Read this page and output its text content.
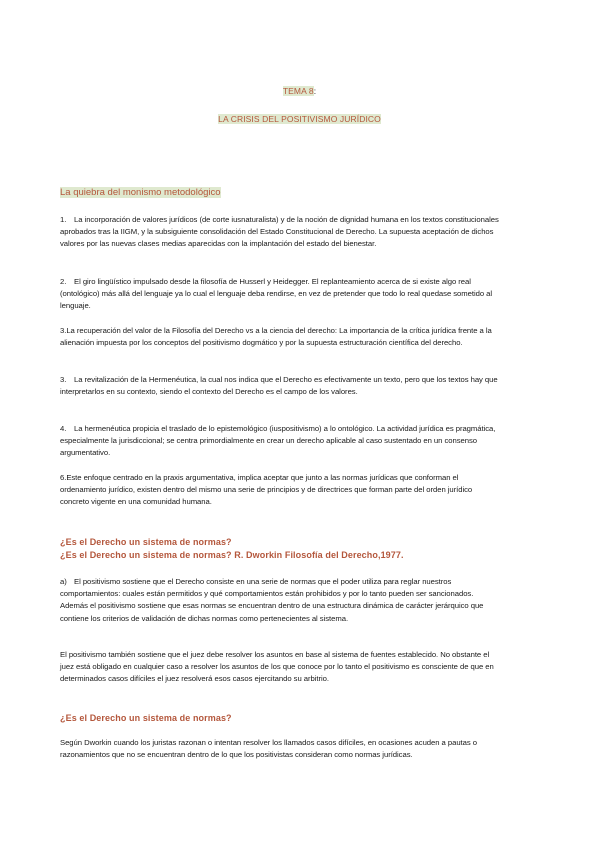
TEMA 8:
LA CRISIS DEL POSITIVISMO JURÍDICO
La quiebra del monismo metodológico
1. La incorporación de valores jurídicos (de corte iusnaturalista) y de la noción de dignidad humana en los textos constitucionales aprobados tras la IIGM, y la subsiguiente consolidación del Estado Constitucional de Derecho. La supuesta aceptación de dichos valores por las nuevas clases medias aparecidas con la implantación del estado del bienestar.
2. El giro lingüístico impulsado desde la filosofía de Husserl y Heidegger. El replanteamiento acerca de si existe algo real (ontológico) más allá del lenguaje ya lo cual el lenguaje deba rendirse, en vez de pretender que todo lo real quedase sometido al lenguaje.
3.La recuperación del valor de la Filosofía del Derecho vs a la ciencia del derecho: La importancia de la crítica jurídica frente a la alienación impuesta por los conceptos del positivismo dogmático y por la supuesta estructuración científica del derecho.
3. La revitalización de la Hermenéutica, la cual nos indica que el Derecho es efectivamente un texto, pero que los textos hay que interpretarlos en su contexto, siendo el contexto del Derecho es el campo de los valores.
4. La hermenéutica propicia el traslado de lo epistemológico (iuspositivismo) a lo ontológico. La actividad jurídica es pragmática, especialmente la jurisdiccional; se centra primordialmente en crear un derecho aplicable al caso sustentado en un consenso argumentativo.
6.Este enfoque centrado en la praxis argumentativa, implica aceptar que junto a las normas jurídicas que conforman el ordenamiento jurídico, existen dentro del mismo una serie de principios y de directrices que forman parte del orden jurídico concreto vigente en una comunidad humana.
¿Es el Derecho un sistema de normas?
¿Es el Derecho un sistema de normas? R. Dworkin Filosofía del Derecho,1977.
a) El positivismo sostiene que el Derecho consiste en una serie de normas que el poder utiliza para reglar nuestros comportamientos: cuales están permitidos y qué comportamientos están prohibidos y por lo tanto pueden ser sancionados. Además el positivismo sostiene que esas normas se encuentran dentro de una estructura dinámica de carácter jerárquico que contiene los criterios de validación de dichas normas como pertenecientes al sistema.
El positivismo también sostiene que el juez debe resolver los asuntos en base al sistema de fuentes establecido. No obstante el juez está obligado en cualquier caso a resolver los asuntos de los que conoce por lo tanto el positivismo es consciente de que en determinados casos difíciles el juez resolverá esos casos ejercitando su arbitrio.
¿Es el Derecho un sistema de normas?
Según Dworkin cuando los juristas razonan o intentan resolver los llamados casos difíciles, en ocasiones acuden a pautas o razonamientos que no se encuentran dentro de lo que los positivistas consideran como normas jurídicas.
